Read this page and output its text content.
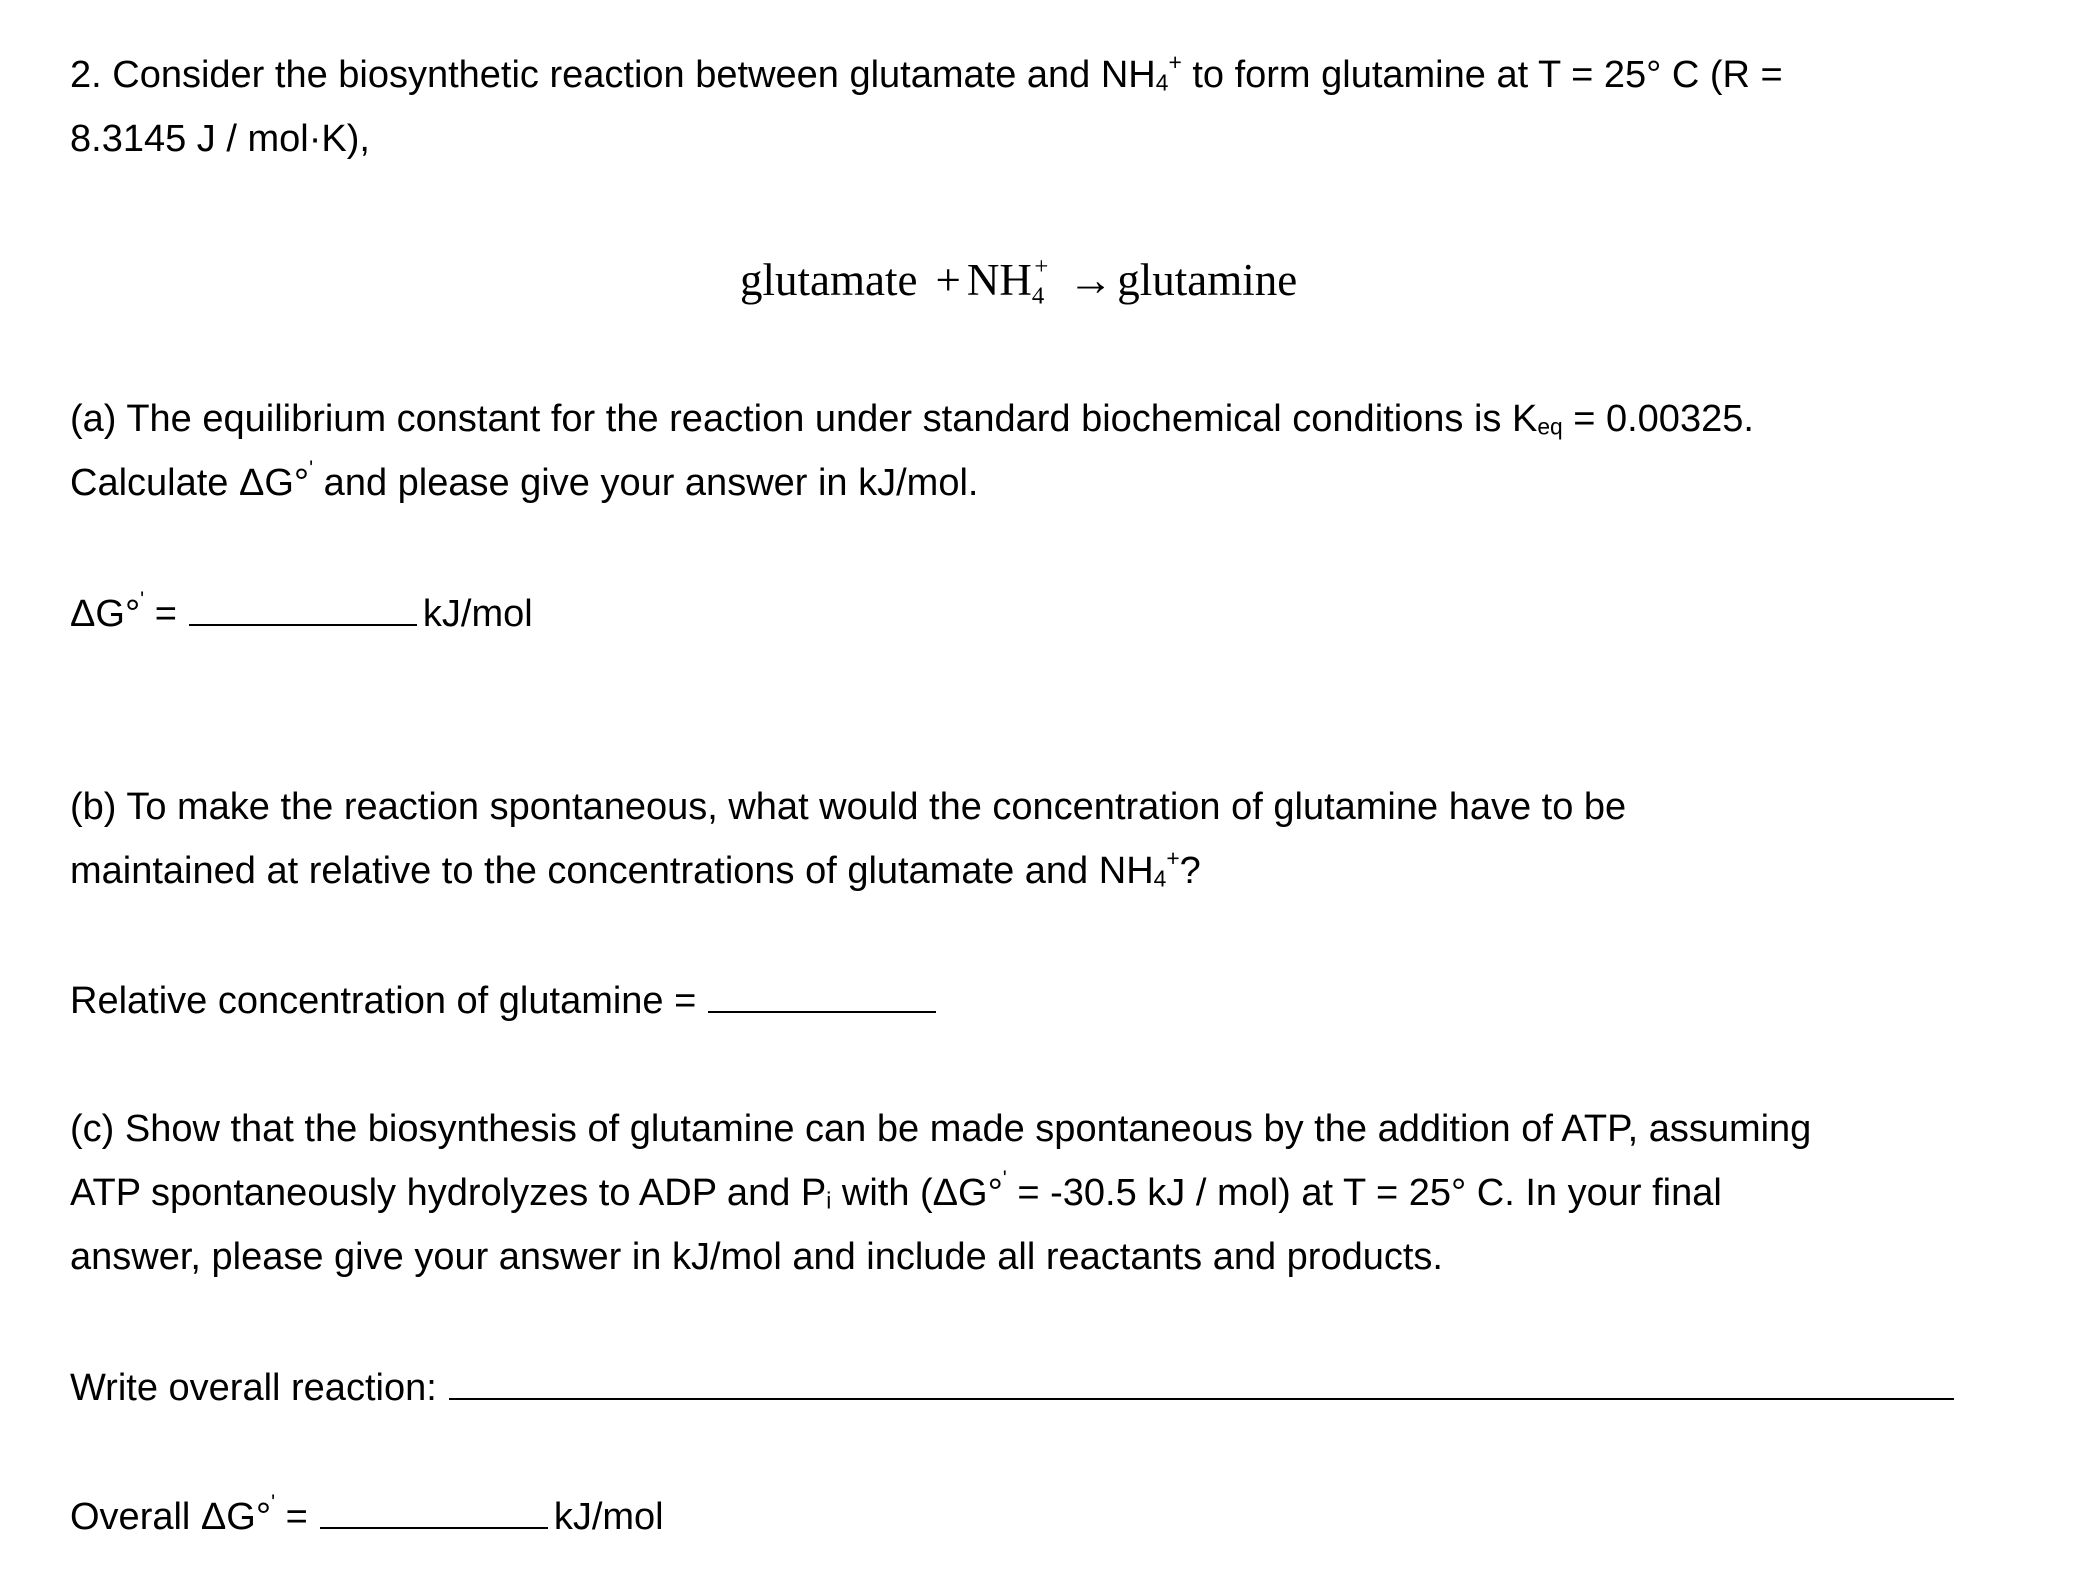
2. Consider the biosynthetic reaction between glutamate and $NH_4^+$ to form glutamine at T = 25° C (R =
8.3145 J / mol·K),
glutamate + NH4+ →glutamine
(a) The equilibrium constant for the reaction under standard biochemical conditions is $K_{eq} = 0.00325$.
Calculate ΔG°' and please give your answer in kJ/mol.
ΔG°' =	kJ/mol
(b) To make the reaction spontaneous, what would the concentration of glutamine have to be
maintained at relative to the concentrations of glutamate and $NH_4^+$?
Relative concentration of glutamine =
(c) Show that the biosynthesis of glutamine can be made spontaneous by the addition of ATP, assuming
ATP spontaneously hydrolyzes to ADP and $P_i$ with (ΔG°' = -30.5 kJ / mol) at T = 25° C. In your final
answer, please give your answer in kJ/mol and include all reactants and products.
Write overall reaction:
Overall ΔG°' =	kJ/mol
